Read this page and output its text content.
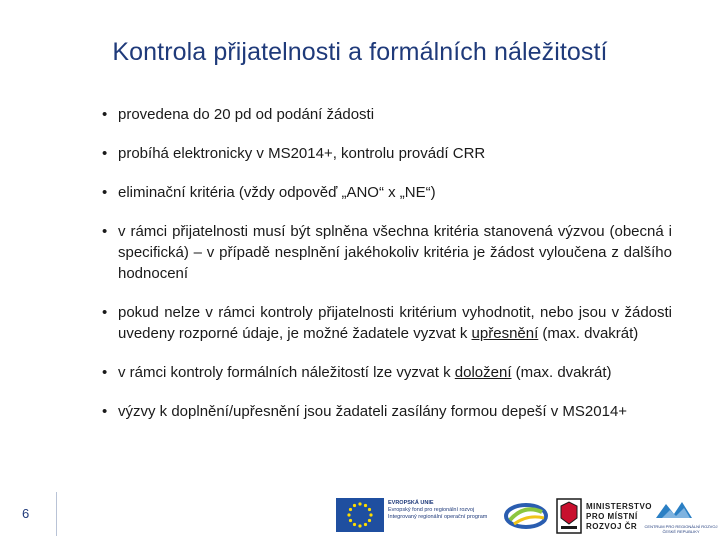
Kontrola přijatelnosti a formálních náležitostí
• provedena do 20 pd od podání žádosti
• probíhá elektronicky v MS2014+, kontrolu provádí CRR
• eliminační kritéria (vždy odpověď „ANO“ x „NE“)
• v rámci přijatelnosti musí být splněna všechna kritéria stanovená výzvou (obecná i specifická) – v případě nesplnění jakéhokoliv kritéria je žádost vyloučena z dalšího hodnocení
• pokud nelze v rámci kontroly přijatelnosti kritérium vyhodnotit, nebo jsou v žádosti uvedeny rozporné údaje, je možné žadatele vyzvat k upřesnění (max. dvakrát)
• v rámci kontroly formálních náležitostí lze vyzvat k doložení (max. dvakrát)
• výzvy k doplnění/upřesnění jsou žadateli zasílány formou depeší v MS2014+
6
EVROPSKÁ UNIE
Evropský fond pro regionální rozvoj
Integrovaný regionální operační program
MINISTERSTVO
PRO MÍSTNÍ
ROZVOJ ČR	CENTRUM PRO REGIONÁLNÍ ROZVOJ
ČESKÉ REPUBLIKY
